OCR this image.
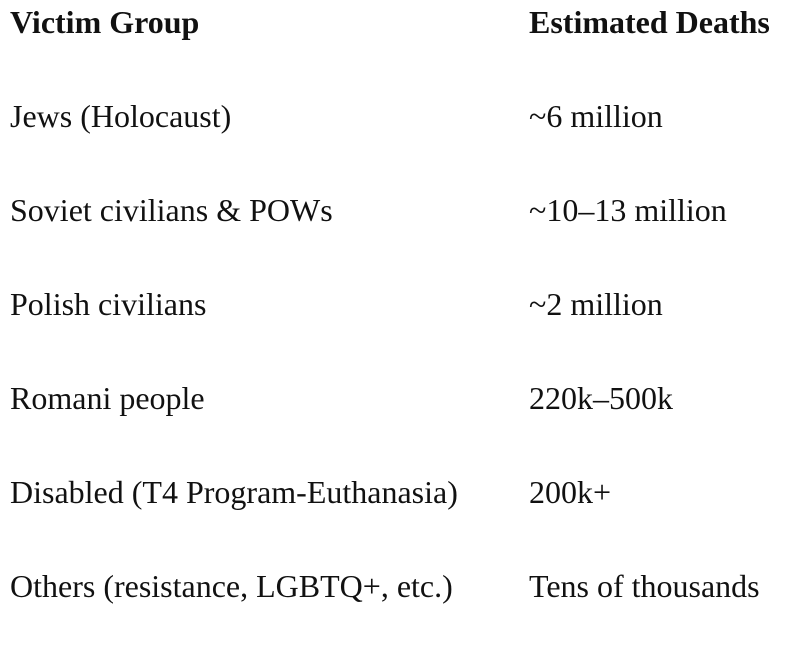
Victim Group	Estimated Deaths
Jews (Holocaust)	~6 million
Soviet civilians & POWs	~10–13 million
Polish civilians	~2 million
Romani people	220k–500k
Disabled (T4 Program-Euthanasia)	200k+
Others (resistance, LGBTQ+, etc.)	Tens of thousands
